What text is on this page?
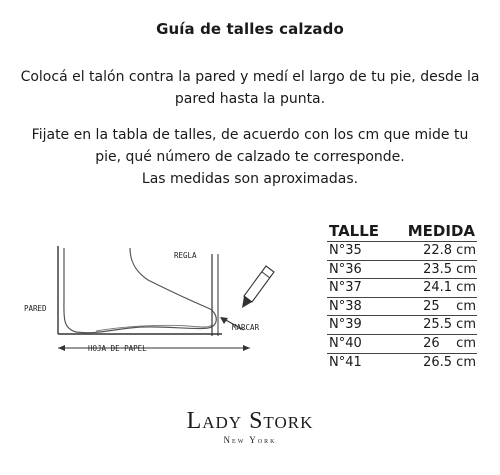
Guía de talles calzado

Colocá el talón contra la pared y medí el largo de tu pie, desde la pared hasta la punta.

Fijate en la tabla de talles, de acuerdo con los cm que mide tu pie, qué número de calzado te corresponde.

Las medidas son aproximadas.

PARED
REGLA
MARCAR
HOJA DE PAPEL
TALLE MEDIDA
N°35	22.8 cm
N°36	23.5 cm
N°37	24.1 cm
N°38	25    cm
N°39	25.5 cm
N°40	26    cm
N°41	26.5 cm
Lady Stork
New York
